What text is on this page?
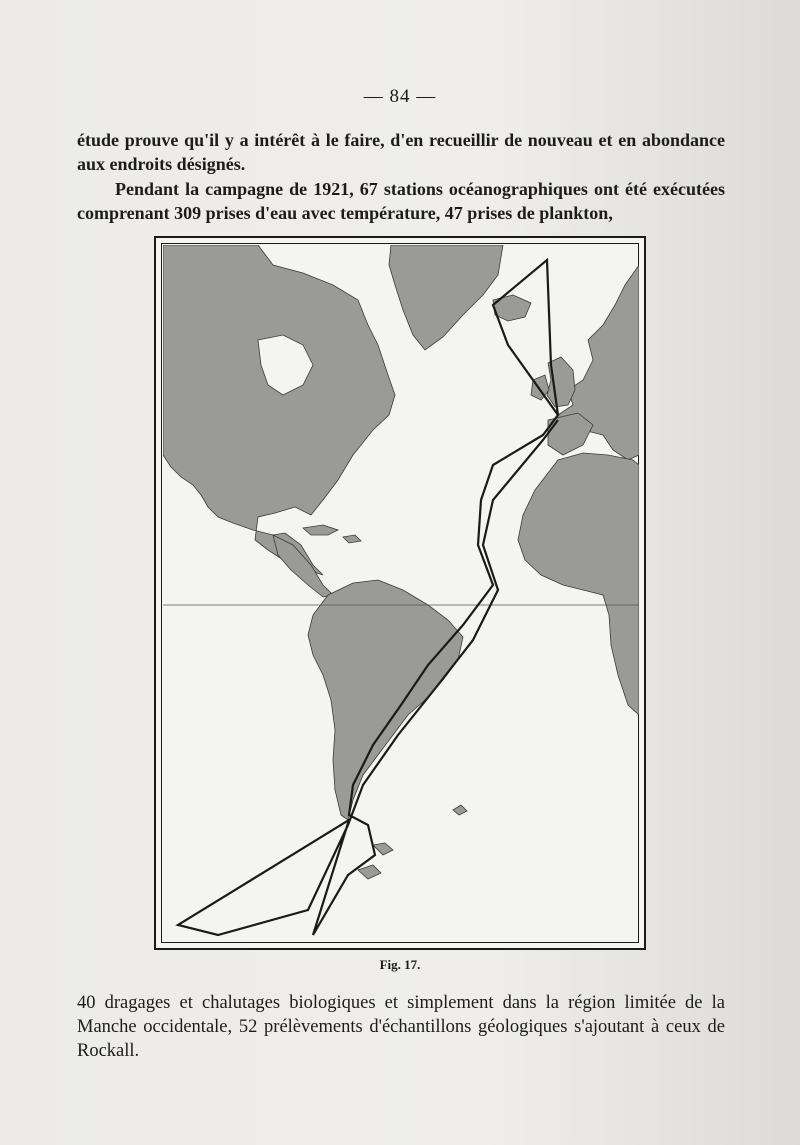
— 84 —
étude prouve qu'il y a intérêt à le faire, d'en recueillir de nouveau et en abondance aux endroits désignés.
Pendant la campagne de 1921, 67 stations océanographiques ont été exécutées comprenant 309 prises d'eau avec température, 47 prises de plankton,
Fig. 17.
40 dragages et chalutages biologiques et simplement dans la région limitée de la Manche occidentale, 52 prélèvements d'échantillons géologiques s'ajoutant à ceux de Rockall.
